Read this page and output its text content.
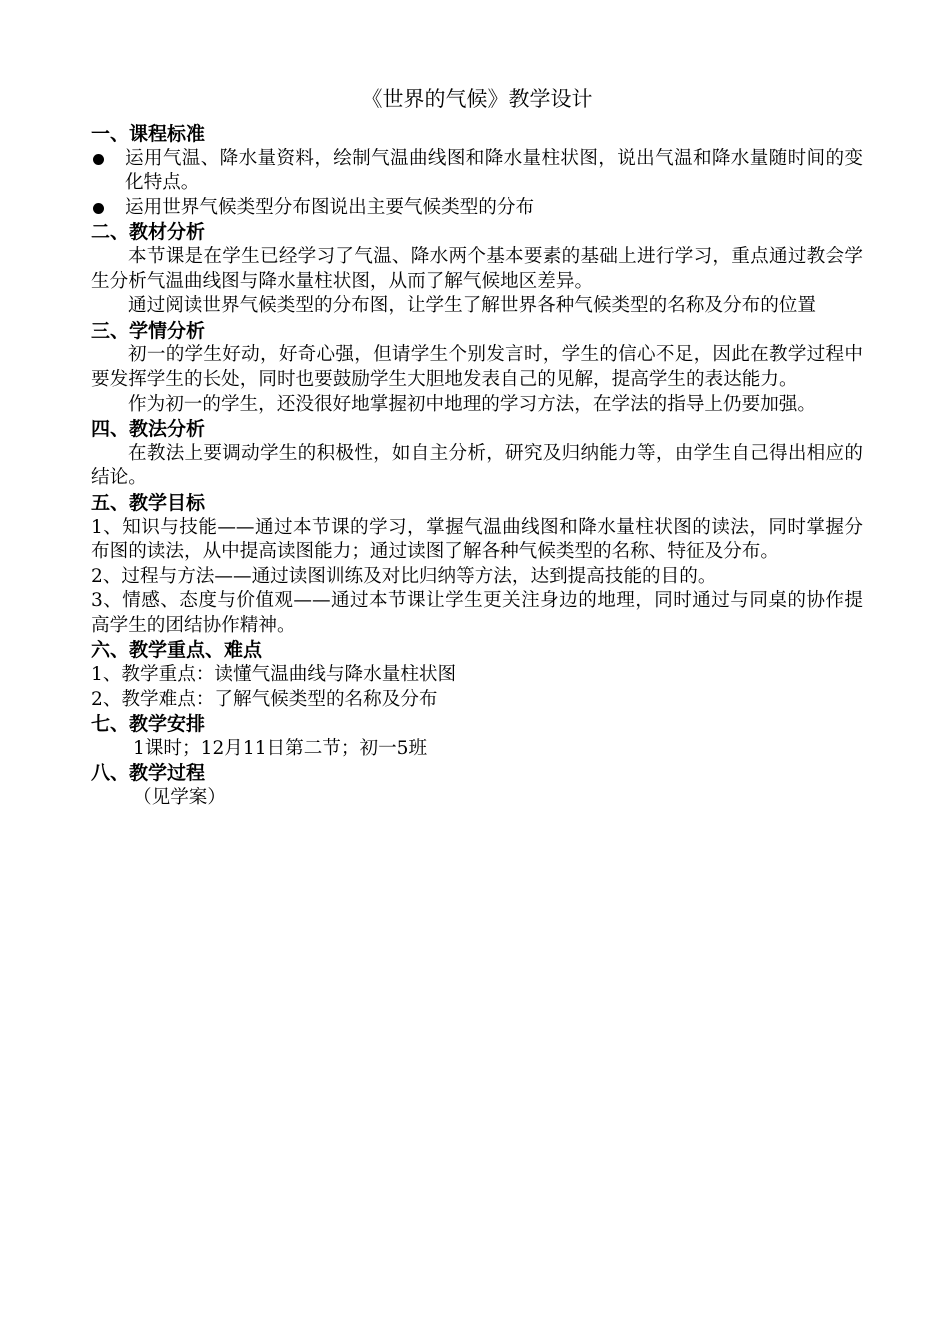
《世界的气候》教学设计
一、课程标准
运用气温、降水量资料，绘制气温曲线图和降水量柱状图，说出气温和降水量随时间的变化特点。
运用世界气候类型分布图说出主要气候类型的分布
二、教材分析
本节课是在学生已经学习了气温、降水两个基本要素的基础上进行学习，重点通过教会学生分析气温曲线图与降水量柱状图，从而了解气候地区差异。
通过阅读世界气候类型的分布图，让学生了解世界各种气候类型的名称及分布的位置
三、学情分析
初一的学生好动，好奇心强，但请学生个别发言时，学生的信心不足，因此在教学过程中要发挥学生的长处，同时也要鼓励学生大胆地发表自己的见解，提高学生的表达能力。
作为初一的学生，还没很好地掌握初中地理的学习方法，在学法的指导上仍要加强。
四、教法分析
在教法上要调动学生的积极性，如自主分析，研究及归纳能力等，由学生自己得出相应的结论。
五、教学目标
1、知识与技能——通过本节课的学习，掌握气温曲线图和降水量柱状图的读法，同时掌握分布图的读法，从中提高读图能力；通过读图了解各种气候类型的名称、特征及分布。
2、过程与方法——通过读图训练及对比归纳等方法，达到提高技能的目的。
3、情感、态度与价值观——通过本节课让学生更关注身边的地理，同时通过与同桌的协作提高学生的团结协作精神。
六、教学重点、难点
1、教学重点：读懂气温曲线与降水量柱状图
2、教学难点：了解气候类型的名称及分布
七、教学安排
1课时；12月11日第二节；初一5班
八、教学过程
（见学案）
